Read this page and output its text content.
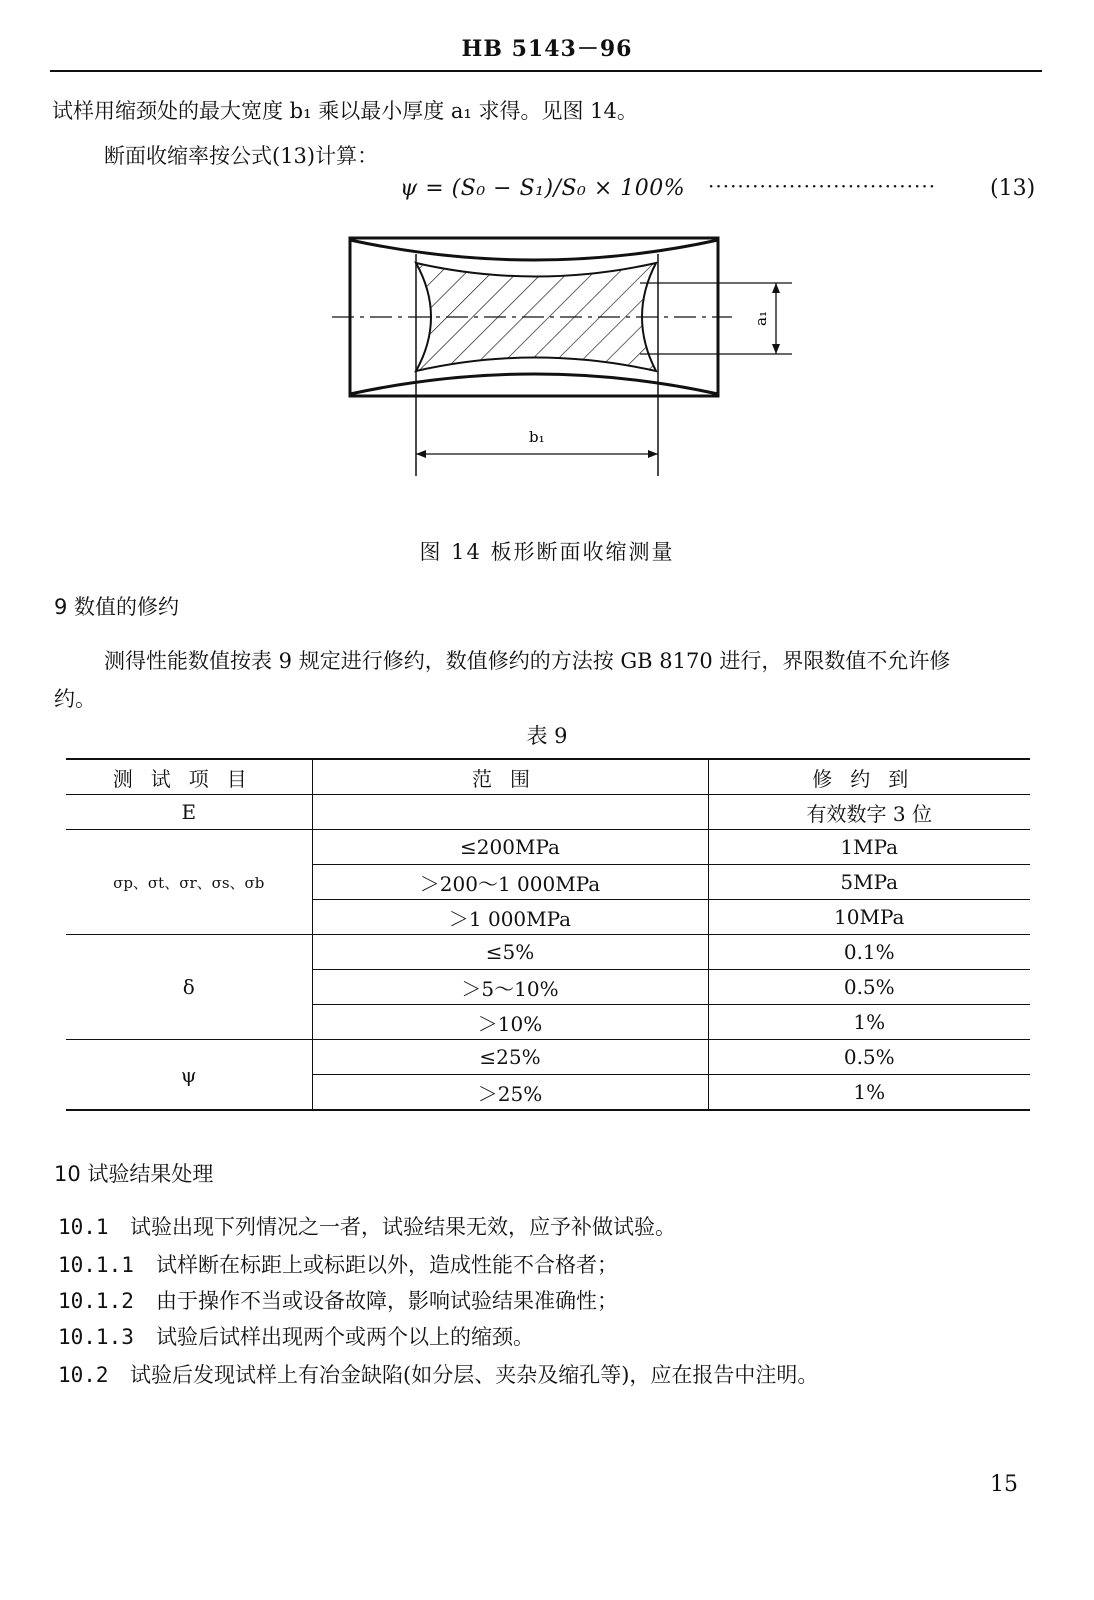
HB 5143－96
试样用缩颈处的最大宽度 b₁ 乘以最小厚度 a₁ 求得。见图 14。
断面收缩率按公式(13)计算：
ψ = (S₀ − S₁)/S₀ × 100% ······························· (13)
a₁
b₁
图 14 板形断面收缩测量
9 数值的修约
测得性能数值按表 9 规定进行修约，数值修约的方法按 GB 8170 进行，界限数值不允许修
约。
表 9
测试项目	范围	修约到
E		有效数字 3 位
σp、σt、σr、σs、σb	≤200MPa	1MPa
	＞200～1 000MPa	5MPa
	＞1 000MPa	10MPa
δ	≤5%	0.1%
	＞5～10%	0.5%
	＞10%	1%
ψ	≤25%	0.5%
	＞25%	1%
10 试验结果处理
10.1 试验出现下列情况之一者，试验结果无效，应予补做试验。
10.1.1 试样断在标距上或标距以外，造成性能不合格者；
10.1.2 由于操作不当或设备故障，影响试验结果准确性；
10.1.3 试验后试样出现两个或两个以上的缩颈。
10.2 试验后发现试样上有冶金缺陷(如分层、夹杂及缩孔等)，应在报告中注明。
15
